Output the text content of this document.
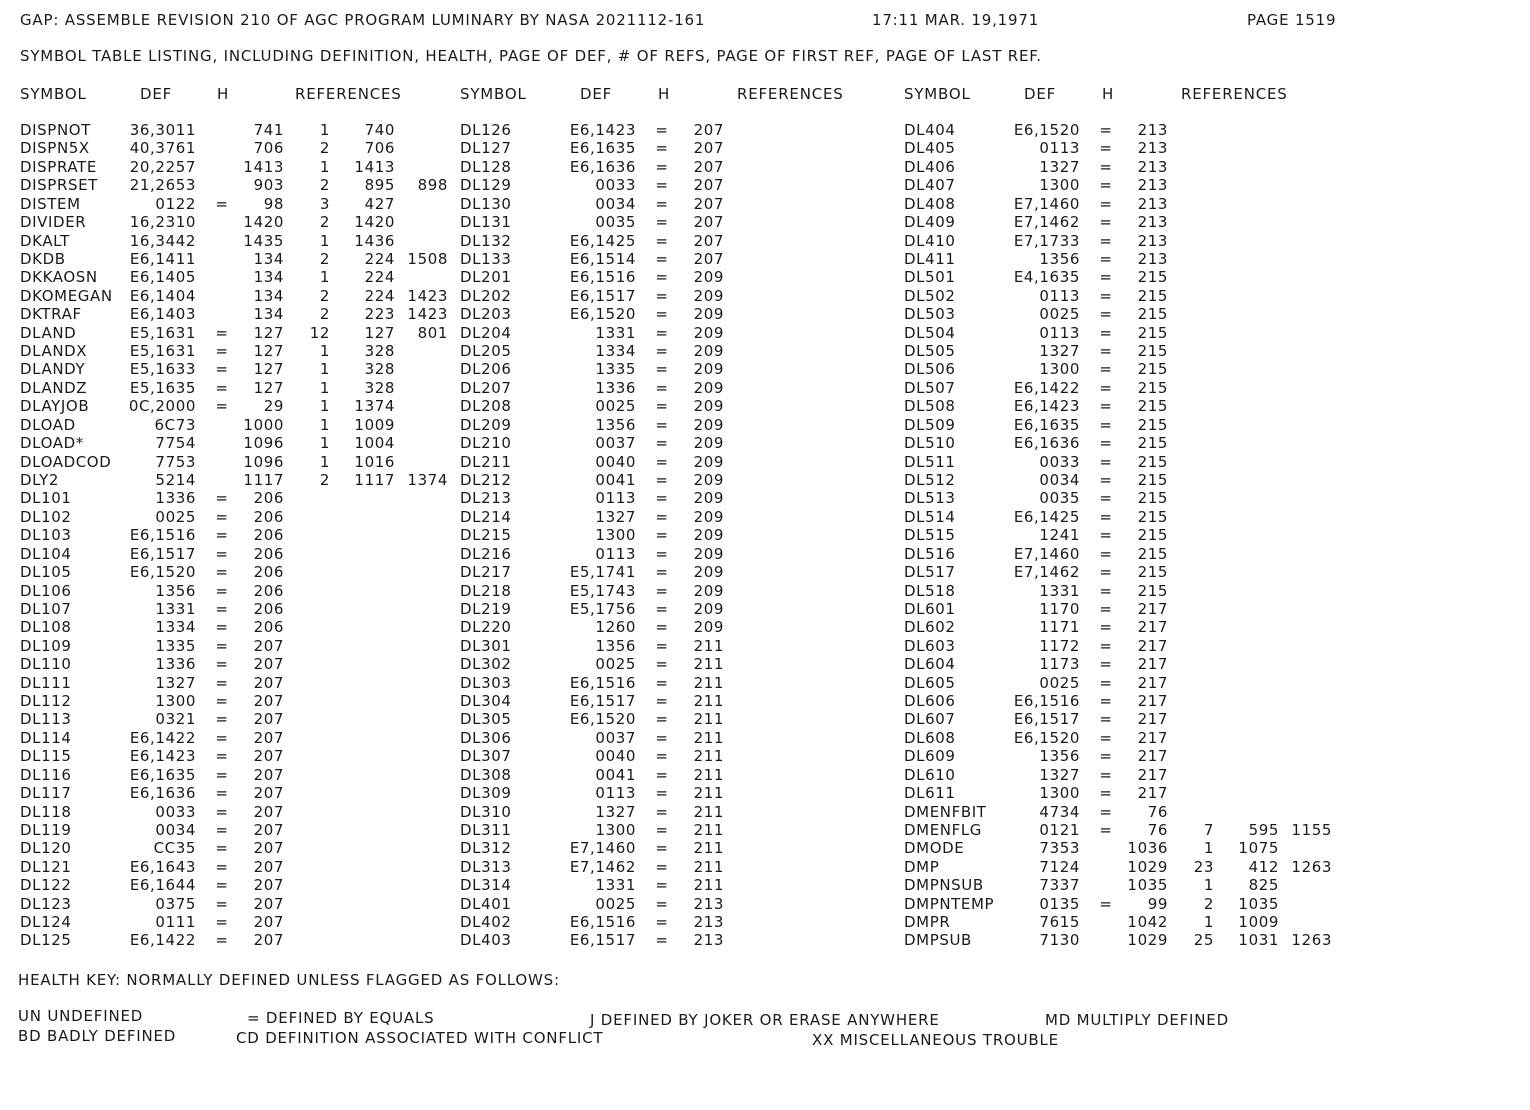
GAP: ASSEMBLE REVISION 210 OF AGC PROGRAM LUMINARY BY NASA 2021112-161	17:11 MAR. 19,1971	PAGE 1519
SYMBOL TABLE LISTING, INCLUDING DEFINITION, HEALTH, PAGE OF DEF, # OF REFS, PAGE OF FIRST REF, PAGE OF LAST REF.
SYMBOL	DEF	H	REFERENCES	SYMBOL	DEF	H	REFERENCES	SYMBOL	DEF	H	REFERENCES
DISPNOT	36,3011	741	1	740
DISPN5X	40,3761	706	2	706
DISPRATE	20,2257	1413	1	1413
DISPRSET	21,2653	903	2	895	898
DISTEM	0122 =	98	3	427
DIVIDER	16,2310	1420	2	1420
DKALT	16,3442	1435	1	1436
DKDB	E6,1411	134	2	224 1508
DKKAOSN	E6,1405	134	1	224
DKOMEGAN	E6,1404	134	2	224 1423
DKTRAF	E6,1403	134	2	223 1423
DLAND	E5,1631 =	127	12	127	801
DLANDX	E5,1631 =	127	1	328
DLANDY	E5,1633 =	127	1	328
DLANDZ	E5,1635 =	127	1	328
DLAYJOB	0C,2000 =	29	1	1374
DLOAD	6C73	1000	1	1009
DLOAD*	7754	1096	1	1004
DLOADCOD	7753	1096	1	1016
DLY2	5214	1117	2	1117 1374
DL101	1336 =	206
DL102	0025 =	206
DL103	E6,1516 =	206
DL104	E6,1517 =	206
DL105	E6,1520 =	206
DL106	1356 =	206
DL107	1331 =	206
DL108	1334 =	206
DL109	1335 =	207
DL110	1336 =	207
DL111	1327 =	207
DL112	1300 =	207
DL113	0321 =	207
DL114	E6,1422 =	207
DL115	E6,1423 =	207
DL116	E6,1635 =	207
DL117	E6,1636 =	207
DL118	0033 =	207
DL119	0034 =	207
DL120	CC35 =	207
DL121	E6,1643 =	207
DL122	E6,1644 =	207
DL123	0375 =	207
DL124	0111 =	207
DL125	E6,1422 =	207
DL126	E6,1423 =	207
DL127	E6,1635 =	207
DL128	E6,1636 =	207
DL129	0033 =	207
DL130	0034 =	207
DL131	0035 =	207
DL132	E6,1425 =	207
DL133	E6,1514 =	207
DL201	E6,1516 =	209
DL202	E6,1517 =	209
DL203	E6,1520 =	209
DL204	1331 =	209
DL205	1334 =	209
DL206	1335 =	209
DL207	1336 =	209
DL208	0025 =	209
DL209	1356 =	209
DL210	0037 =	209
DL211	0040 =	209
DL212	0041 =	209
DL213	0113 =	209
DL214	1327 =	209
DL215	1300 =	209
DL216	0113 =	209
DL217	E5,1741 =	209
DL218	E5,1743 =	209
DL219	E5,1756 =	209
DL220	1260 =	209
DL301	1356 =	211
DL302	0025 =	211
DL303	E6,1516 =	211
DL304	E6,1517 =	211
DL305	E6,1520 =	211
DL306	0037 =	211
DL307	0040 =	211
DL308	0041 =	211
DL309	0113 =	211
DL310	1327 =	211
DL311	1300 =	211
DL312	E7,1460 =	211
DL313	E7,1462 =	211
DL314	1331 =	211
DL401	0025 =	213
DL402	E6,1516 =	213
DL403	E6,1517 =	213
DL404	E6,1520 =	213
DL405	0113 =	213
DL406	1327 =	213
DL407	1300 =	213
DL408	E7,1460 =	213
DL409	E7,1462 =	213
DL410	E7,1733 =	213
DL411	1356 =	213
DL501	E4,1635 =	215
DL502	0113 =	215
DL503	0025 =	215
DL504	0113 =	215
DL505	1327 =	215
DL506	1300 =	215
DL507	E6,1422 =	215
DL508	E6,1423 =	215
DL509	E6,1635 =	215
DL510	E6,1636 =	215
DL511	0033 =	215
DL512	0034 =	215
DL513	0035 =	215
DL514	E6,1425 =	215
DL515	1241 =	215
DL516	E7,1460 =	215
DL517	E7,1462 =	215
DL518	1331 =	215
DL601	1170 =	217
DL602	1171 =	217
DL603	1172 =	217
DL604	1173 =	217
DL605	0025 =	217
DL606	E6,1516 =	217
DL607	E6,1517 =	217
DL608	E6,1520 =	217
DL609	1356 =	217
DL610	1327 =	217
DL611	1300 =	217
DMENFBIT	4734 =	76
DMENFLG	0121 =	76	7	595 1155
DMODE	7353	1036	1	1075
DMP	7124	1029	23	412 1263
DMPNSUB	7337	1035	1	825
DMPNTEMP	0135 =	99	2	1035
DMPR	7615	1042	1	1009
DMPSUB	7130	1029	25	1031 1263
HEALTH KEY: NORMALLY DEFINED UNLESS FLAGGED AS FOLLOWS:
UN UNDEFINED	= DEFINED BY EQUALS	J DEFINED BY JOKER OR ERASE ANYWHERE	MD MULTIPLY DEFINED
BD BADLY DEFINED	CD DEFINITION ASSOCIATED WITH CONFLICT	XX MISCELLANEOUS TROUBLE
